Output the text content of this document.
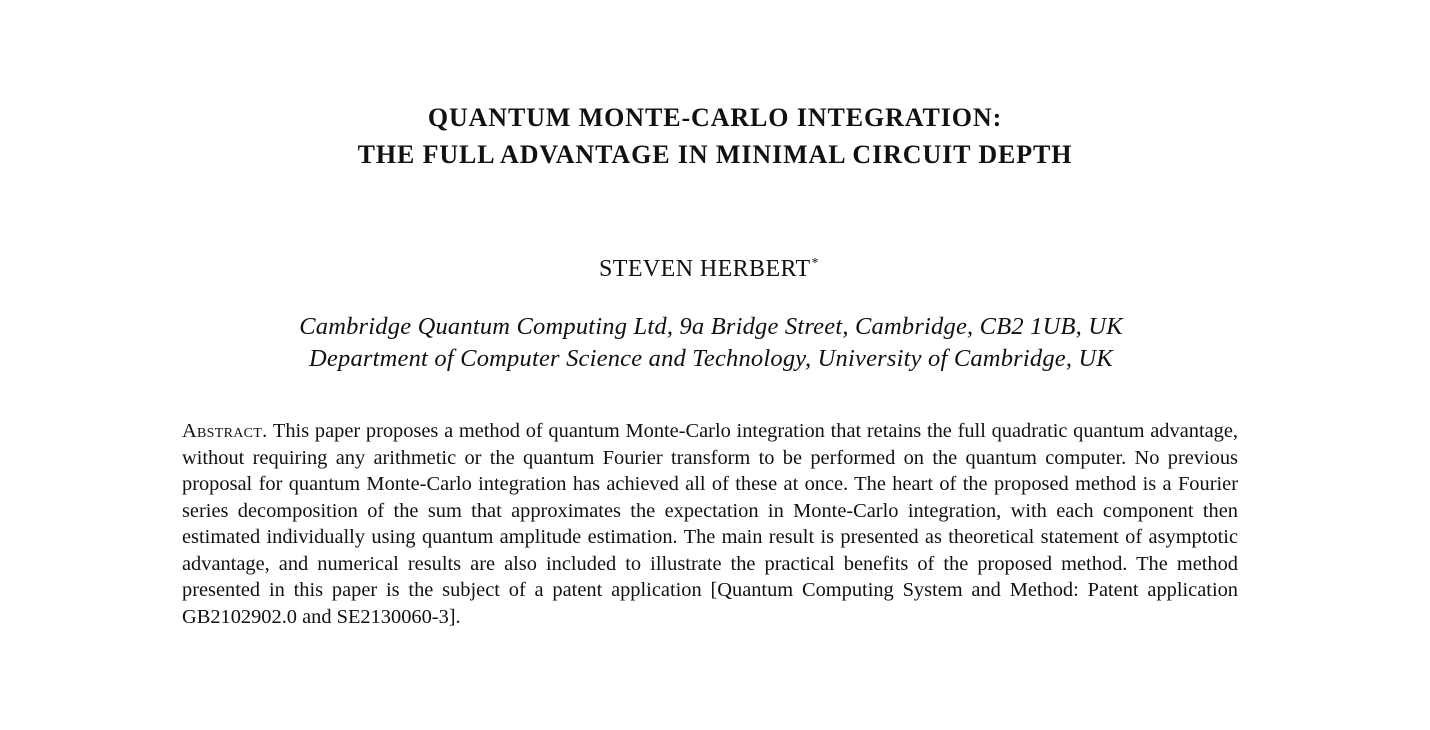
QUANTUM MONTE-CARLO INTEGRATION:
THE FULL ADVANTAGE IN MINIMAL CIRCUIT DEPTH
STEVEN HERBERT*
Cambridge Quantum Computing Ltd, 9a Bridge Street, Cambridge, CB2 1UB, UK
Department of Computer Science and Technology, University of Cambridge, UK
Abstract. This paper proposes a method of quantum Monte-Carlo integration that retains the full quadratic quantum advantage, without requiring any arithmetic or the quantum Fourier transform to be performed on the quantum computer. No previous proposal for quantum Monte-Carlo integration has achieved all of these at once. The heart of the proposed method is a Fourier series decomposition of the sum that approximates the expectation in Monte-Carlo integration, with each component then estimated individually using quantum amplitude estimation. The main result is presented as theoretical statement of asymptotic advantage, and numerical results are also included to illustrate the practical benefits of the proposed method. The method presented in this paper is the subject of a patent application [Quantum Computing System and Method: Patent application GB2102902.0 and SE2130060-3].
